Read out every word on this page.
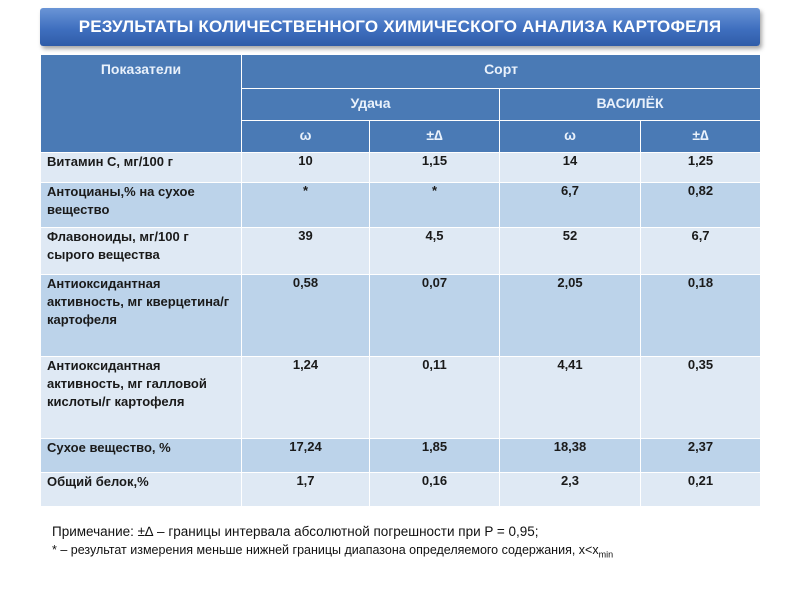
РЕЗУЛЬТАТЫ КОЛИЧЕСТВЕННОГО ХИМИЧЕСКОГО АНАЛИЗА КАРТОФЕЛЯ
Показатели	Сорт			
	Удача		ВАСИЛЁК	
	ω	±∆	ω	±∆
Витамин С, мг/100 г	10	1,15	14	1,25
Антоцианы,% на сухое вещество	*	*	6,7	0,82
Флавоноиды, мг/100 г сырого вещества	39	4,5	52	6,7
Антиоксидантная активность, мг кверцетина/г картофеля	0,58	0,07	2,05	0,18
Антиоксидантная активность, мг галловой кислоты/г картофеля	1,24	0,11	4,41	0,35
Сухое вещество, %	17,24	1,85	18,38	2,37
Общий белок,%	1,7	0,16	2,3	0,21
Примечание: ±∆ – границы интервала абсолютной погрешности при P = 0,95;
* – результат измерения меньше нижней границы диапазона определяемого содержания, $x<x_{min}$
